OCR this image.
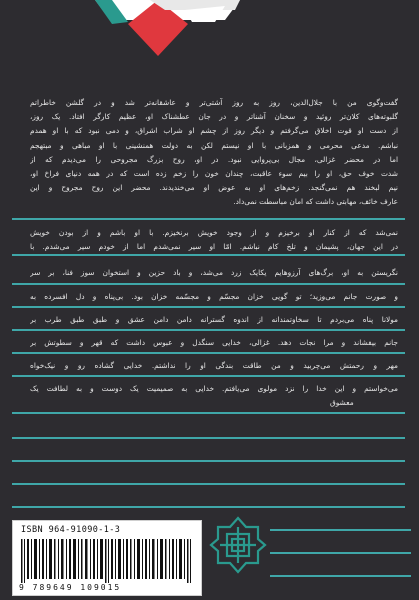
گفت‌وگوی من با جلال‌الدین، روز به روز آشتی‌تر و عاشقانه‌تر شد و در گلشن خاطراتم
گلبوته‌های کلان‌تر روئید و سخنان آشناتر و در جان عطشناک او، عظیم کارگر افتاد. یک روز،
از دست او قوت اخلاق می‌گرفتم و دیگر روز از چشم او شراب اشراق، و دمی نبود که با او همدم
نباشم. مدعی محرمی و همزبانی با او نیستم لکن به دولت همنشینی با او مباهی و مبتهجم
اما در محضر غزالی، مجال بی‌پروایی نبود. در او، روح بزرگ مجروحی را می‌دیدم که از
شدت خوف حق، او را بیم سوء عاقبت، چندان خون را زخم زده است که در همه دنیای فراخ او،
نیم لبخند هم نمی‌گنجد. زخم‌های او به عوض او می‌خندیدند. محضر این روح مجروح و این
عارف خائف، مهابتی داشت که امان مباسطت نمی‌داد.
نمی‌شد که از کنار او برخیزم و از وجود خویش برنخیزم. با او باشم و از بودن خویش
در این جهان، پشیمان و تلخ کام نباشم. امّا او سیر نمی‌شدم اما از خودم سیر می‌شدم. با
نگریستن به او، برگ‌های آرزوهایم یکایک زرد می‌شد، و باد حزین و استخوان سوز فنا، بر سر
و صورت جانم می‌وزید؛ تو گویی خزان مجسّم و مجسّمه خزان بود. بی‌پناه و دل افسرده به
مولانا پناه می‌بردم تا سخاوتمندانه از اندوه گسترانه دامن دامن عشق و طبق طبق طرب بر
جانم بیفشاند و مرا نجات دهد. غزالی، خدایی سنگدل و عبوس داشت که قهر و سطوتش بر
مهر و رحمتش می‌چربید و من طاقت بندگی او را نداشتم. خدایی گشاده رو و نیک‌خواه
می‌خواستم و این خدا را نزد مولوی می‌یافتم. خدایی به صمیمیت یک دوست و به لطافت یک
معشوق
ISBN 964-91090-1-3
9 789649 109015
